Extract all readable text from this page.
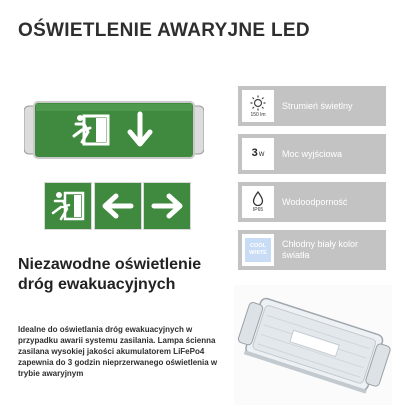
OŚWIETLENIE AWARYJNE LED
150 lm
Strumień świetlny
3W Moc wyjściowa
IP65
Wodoodporność
COOL
WHITE
Chłodny biały kolor światła
Niezawodne oświetlenie dróg ewakuacyjnych
Idealne do oświetlania dróg ewakuacyjnych w przypadku awarii systemu zasilania. Lampa ścienna zasilana wysokiej jakości akumulatorem LiFePo4 zapewnia do 3 godzin nieprzerwanego oświetlenia w trybie awaryjnym
